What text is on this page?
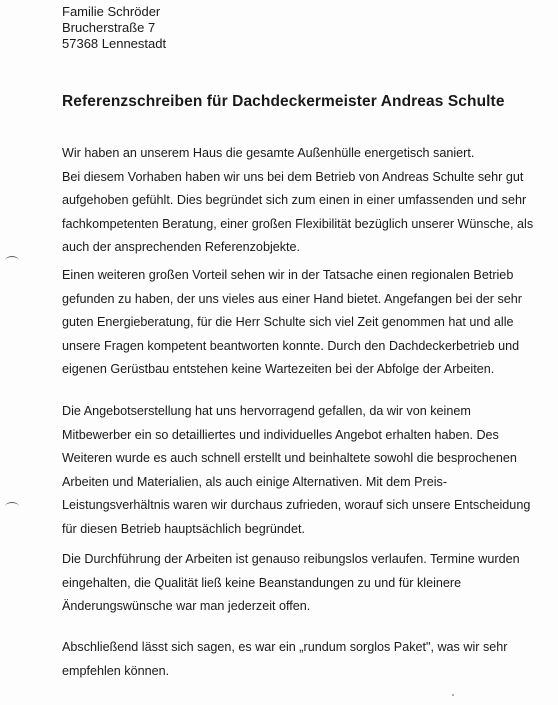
Familie Schröder
Brucherstraße 7
57368 Lennestadt
Referenzschreiben für Dachdeckermeister Andreas Schulte
Wir haben an unserem Haus die gesamte Außenhülle energetisch saniert.
Bei diesem Vorhaben haben wir uns bei dem Betrieb von Andreas Schulte sehr gut
aufgehoben gefühlt. Dies begründet sich zum einen in einer umfassenden und sehr
fachkompetenten Beratung, einer großen Flexibilität bezüglich unserer Wünsche, als
auch der ansprechenden Referenzobjekte.
Einen weiteren großen Vorteil sehen wir in der Tatsache einen regionalen Betrieb
gefunden zu haben, der uns vieles aus einer Hand bietet. Angefangen bei der sehr
guten Energieberatung, für die Herr Schulte sich viel Zeit genommen hat und alle
unsere Fragen kompetent beantworten konnte. Durch den Dachdeckerbetrieb und
eigenen Gerüstbau entstehen keine Wartezeiten bei der Abfolge der Arbeiten.
Die Angebotserstellung hat uns hervorragend gefallen, da wir von keinem
Mitbewerber ein so detailliertes und individuelles Angebot erhalten haben. Des
Weiteren wurde es auch schnell erstellt und beinhaltete sowohl die besprochenen
Arbeiten und Materialien, als auch einige Alternativen. Mit dem Preis-
Leistungsverhältnis waren wir durchaus zufrieden, worauf sich unsere Entscheidung
für diesen Betrieb hauptsächlich begründet.
Die Durchführung der Arbeiten ist genauso reibungslos verlaufen. Termine wurden
eingehalten, die Qualität ließ keine Beanstandungen zu und für kleinere
Änderungswünsche war man jederzeit offen.
Abschließend lässt sich sagen, es war ein „rundum sorglos Paket", was wir sehr
empfehlen können.
